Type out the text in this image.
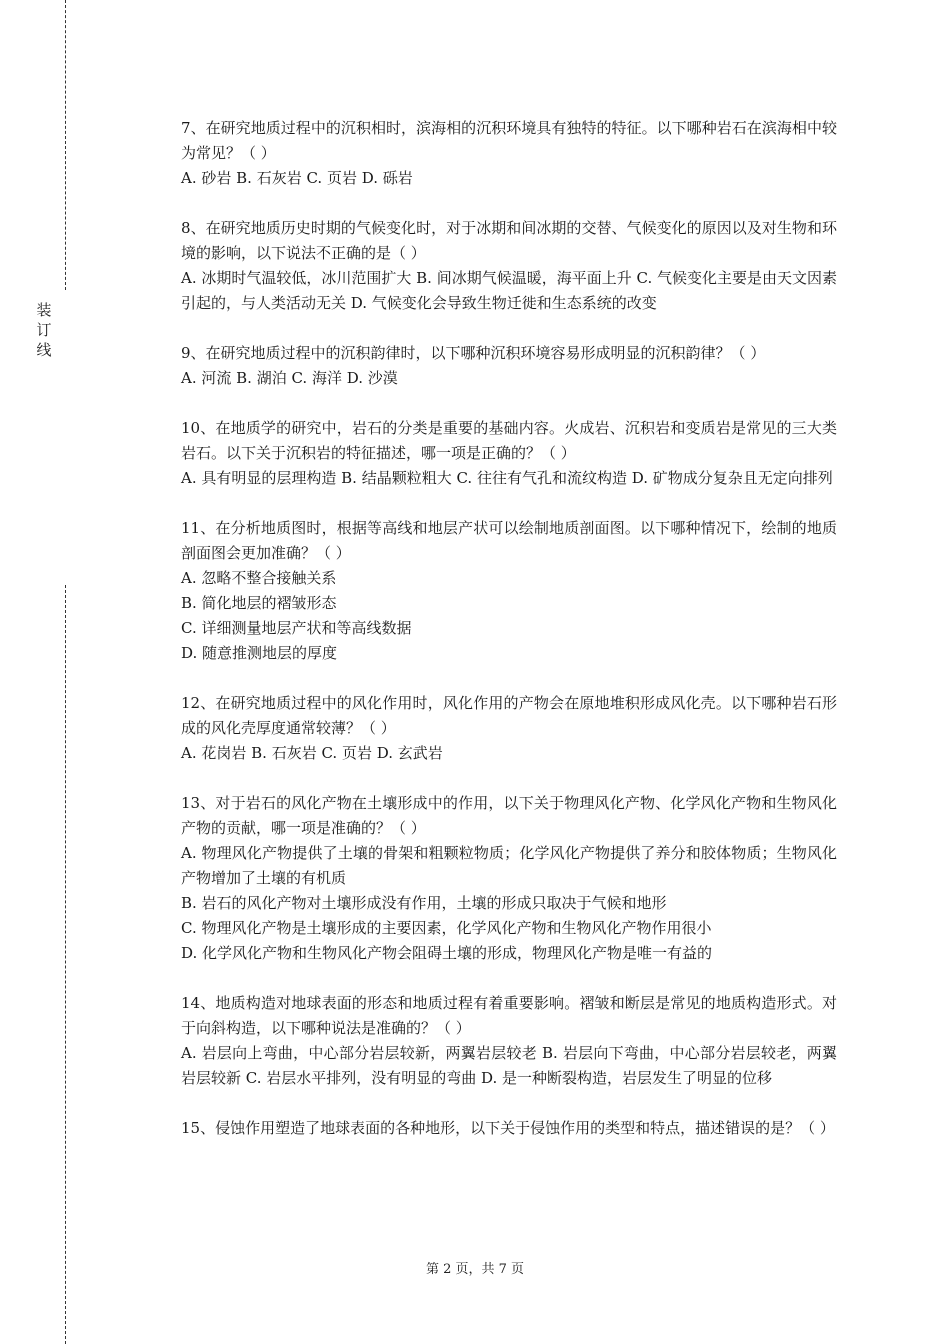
装订线

7、在研究地质过程中的沉积相时，滨海相的沉积环境具有独特的特征。以下哪种岩石在滨海相中较为常见？（ ）

A. 砂岩 B. 石灰岩 C. 页岩 D. 砾岩

8、在研究地质历史时期的气候变化时，对于冰期和间冰期的交替、气候变化的原因以及对生物和环境的影响，以下说法不正确的是（ ）

A. 冰期时气温较低，冰川范围扩大 B. 间冰期气候温暖，海平面上升 C. 气候变化主要是由天文因素引起的，与人类活动无关 D. 气候变化会导致生物迁徙和生态系统的改变

9、在研究地质过程中的沉积韵律时，以下哪种沉积环境容易形成明显的沉积韵律？（ ）

A. 河流 B. 湖泊 C. 海洋 D. 沙漠

10、在地质学的研究中，岩石的分类是重要的基础内容。火成岩、沉积岩和变质岩是常见的三大类岩石。以下关于沉积岩的特征描述，哪一项是正确的？（ ）

A. 具有明显的层理构造 B. 结晶颗粒粗大 C. 往往有气孔和流纹构造 D. 矿物成分复杂且无定向排列

11、在分析地质图时，根据等高线和地层产状可以绘制地质剖面图。以下哪种情况下，绘制的地质剖面图会更加准确？（ ）

A. 忽略不整合接触关系

B. 简化地层的褶皱形态

C. 详细测量地层产状和等高线数据

D. 随意推测地层的厚度

12、在研究地质过程中的风化作用时，风化作用的产物会在原地堆积形成风化壳。以下哪种岩石形成的风化壳厚度通常较薄？（ ）

A. 花岗岩 B. 石灰岩 C. 页岩 D. 玄武岩

13、对于岩石的风化产物在土壤形成中的作用，以下关于物理风化产物、化学风化产物和生物风化产物的贡献，哪一项是准确的？（ ）

A. 物理风化产物提供了土壤的骨架和粗颗粒物质；化学风化产物提供了养分和胶体物质；生物风化产物增加了土壤的有机质

B. 岩石的风化产物对土壤形成没有作用，土壤的形成只取决于气候和地形

C. 物理风化产物是土壤形成的主要因素，化学风化产物和生物风化产物作用很小

D. 化学风化产物和生物风化产物会阻碍土壤的形成，物理风化产物是唯一有益的

14、地质构造对地球表面的形态和地质过程有着重要影响。褶皱和断层是常见的地质构造形式。对于向斜构造，以下哪种说法是准确的？（ ）

A. 岩层向上弯曲，中心部分岩层较新，两翼岩层较老 B. 岩层向下弯曲，中心部分岩层较老，两翼岩层较新 C. 岩层水平排列，没有明显的弯曲 D. 是一种断裂构造，岩层发生了明显的位移

15、侵蚀作用塑造了地球表面的各种地形，以下关于侵蚀作用的类型和特点，描述错误的是？（ ）

第 2 页，共 7 页
